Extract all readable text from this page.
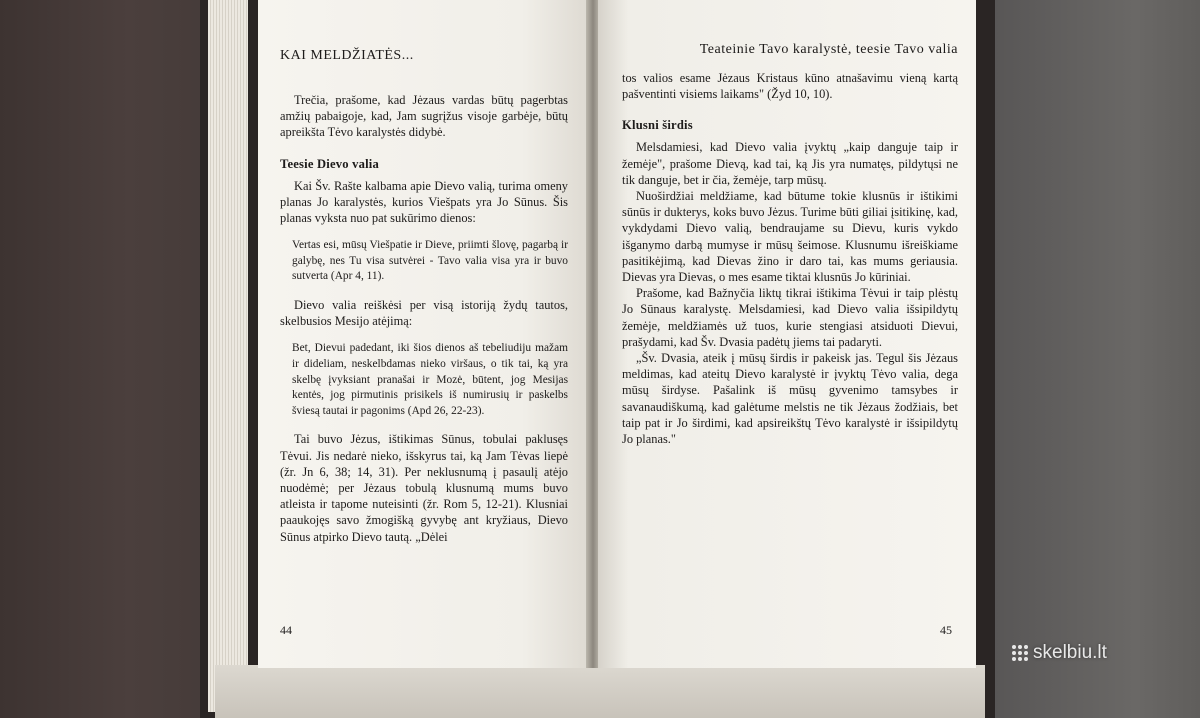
KAI MELDŽIATĖS...

Trečia, prašome, kad Jėzaus vardas būtų pagerbtas amžių pabaigoje, kad, Jam sugrįžus visoje garbėje, būtų apreikšta Tėvo karalystės didybė.

Teesie Dievo valia

Kai Šv. Rašte kalbama apie Dievo valią, turima omeny planas Jo karalystės, kurios Viešpats yra Jo Sūnus. Šis planas vyksta nuo pat sukūrimo dienos:

Vertas esi, mūsų Viešpatie ir Dieve, priimti šlovę, pagarbą ir galybę, nes Tu visa sutvėrei - Tavo valia visa yra ir buvo sutverta (Apr 4, 11).

Dievo valia reiškėsi per visą istoriją žydų tautos, skelbusios Mesijo atėjimą:

Bet, Dievui padedant, iki šios dienos aš tebeliudiju mažam ir dideliam, neskelbdamas nieko viršaus, o tik tai, ką yra skelbę įvyksiant pranašai ir Mozė, būtent, jog Mesijas kentės, jog pirmutinis prisikels iš numirusių ir paskelbs šviesą tautai ir pagonims (Apd 26, 22-23).

Tai buvo Jėzus, ištikimas Sūnus, tobulai paklusęs Tėvui. Jis nedarė nieko, išskyrus tai, ką Jam Tėvas liepė (žr. Jn 6, 38; 14, 31). Per neklusnumą į pasaulį atėjo nuodėmė; per Jėzaus tobulą klusnumą mums buvo atleista ir tapome nuteisinti (žr. Rom 5, 12-21). Klusniai paaukojęs savo žmogišką gyvybę ant kryžiaus, Dievo Sūnus atpirko Dievo tautą. „Dėlei

44
Teateinie Tavo karalystė, teesie Tavo valia

tos valios esame Jėzaus Kristaus kūno atnašavimu vieną kartą pašventinti visiems laikams" (Žyd 10, 10).

Klusni širdis

Melsdamiesi, kad Dievo valia įvyktų „kaip danguje taip ir žemėje", prašome Dievą, kad tai, ką Jis yra numatęs, pildytųsi ne tik danguje, bet ir čia, žemėje, tarp mūsų.

Nuoširdžiai meldžiame, kad būtume tokie klusnūs ir ištikimi sūnūs ir dukterys, koks buvo Jėzus. Turime būti giliai įsitikinę, kad, vykdydami Dievo valią, bendraujame su Dievu, kuris vykdo išganymo darbą mumyse ir mūsų šeimose. Klusnumu išreiškiame pasitikėjimą, kad Dievas žino ir daro tai, kas mums geriausia. Dievas yra Dievas, o mes esame tiktai klusnūs Jo kūriniai.

Prašome, kad Bažnyčia liktų tikrai ištikima Tėvui ir taip plėstų Jo Sūnaus karalystę. Melsdamiesi, kad Dievo valia išsipildytų žemėje, meldžiamės už tuos, kurie stengiasi atsiduoti Dievui, prašydami, kad Šv. Dvasia padėtų jiems tai padaryti.

„Šv. Dvasia, ateik į mūsų širdis ir pakeisk jas. Tegul šis Jėzaus meldimas, kad ateitų Dievo karalystė ir įvyktų Tėvo valia, dega mūsų širdyse. Pašalink iš mūsų gyvenimo tamsybes ir savanaudiškumą, kad galėtume melstis ne tik Jėzaus žodžiais, bet taip pat ir Jo širdimi, kad apsireikštų Tėvo karalystė ir išsipildytų Jo planas."

45
skelbiu.lt
